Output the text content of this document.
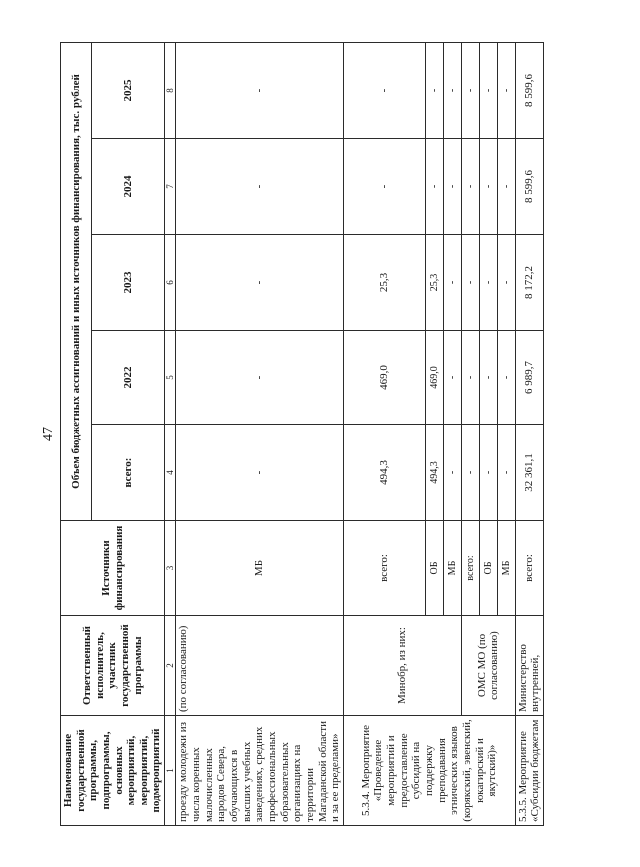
47
Наименование государственной программы, подпрограммы, основных мероприятий, мероприятий, подмероприятий	Ответственный исполнитель, участник государственной программы	Источники финансирования	Объем бюджетных ассигнований и иных источников финансирования, тыс. рублей				
			всего:	2022	2023	2024	2025
1	2	3	4	5	6	7	8
проезду молодежи из числа коренных малочисленных народов Севера, обучающихся в высших учебных заведениях, средних профессиональных образовательных организациях на территории Магаданской области и за ее пределами»	(по согласованию)	МБ	-	-	-	-	-
5.3.4. Мероприятие «Проведение мероприятий и предоставление субсидий на поддержку преподавания этнических языков (корякский, эвенский, юкагирский и якутский)»	Минобр, из них:	всего:	494,3	469,0	25,3	-	-
		ОБ	494,3	469,0	25,3	-	-
		МБ	-	-	-	-	-
	ОМС МО (по согласованию)	всего:	-	-	-	-	-
		ОБ	-	-	-	-	-
		МБ	-	-	-	-	-
5.3.5. Мероприятие «Субсидии бюджетам	Министерство внутренней,	всего:	32 361,1	6 989,7	8 172,2	8 599,6	8 599,6
